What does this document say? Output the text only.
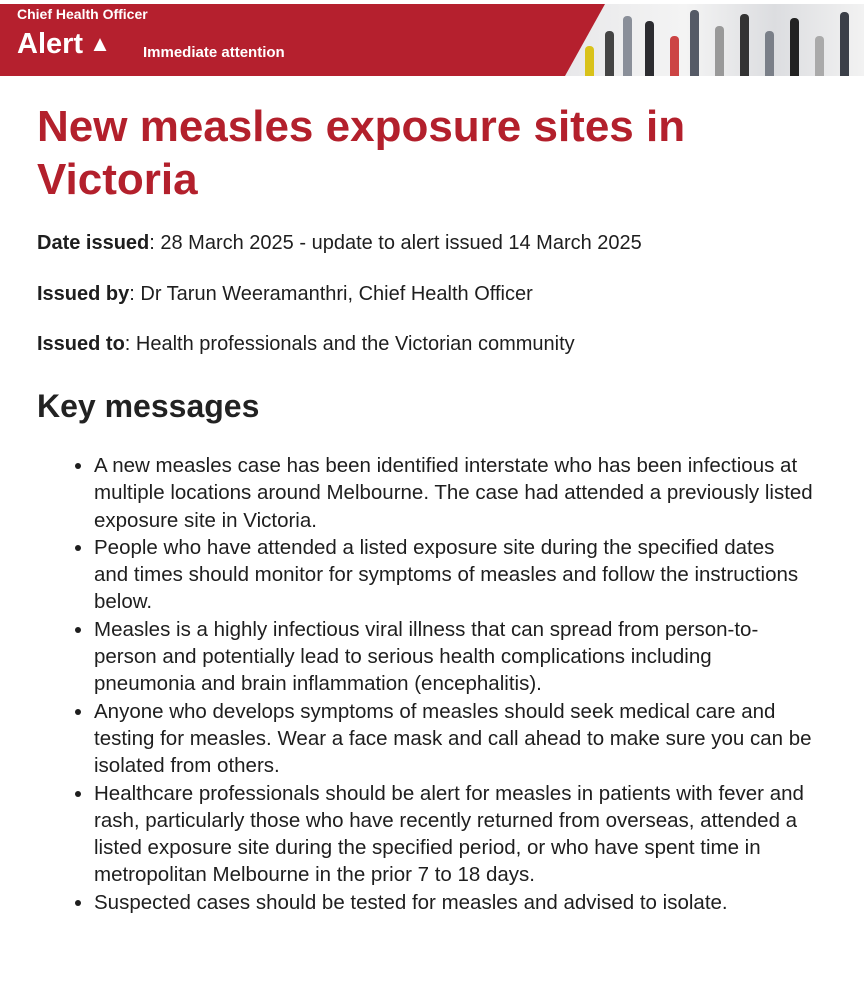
Chief Health Officer
Alert ▲ Immediate attention
New measles exposure sites in Victoria

Date issued: 28 March 2025 - update to alert issued 14 March 2025

Issued by: Dr Tarun Weeramanthri, Chief Health Officer

Issued to: Health professionals and the Victorian community

Key messages
• A new measles case has been identified interstate who has been infectious at multiple locations around Melbourne. The case had attended a previously listed exposure site in Victoria.
• People who have attended a listed exposure site during the specified dates and times should monitor for symptoms of measles and follow the instructions below.
• Measles is a highly infectious viral illness that can spread from person-to-person and potentially lead to serious health complications including pneumonia and brain inflammation (encephalitis).
• Anyone who develops symptoms of measles should seek medical care and testing for measles. Wear a face mask and call ahead to make sure you can be isolated from others.
• Healthcare professionals should be alert for measles in patients with fever and rash, particularly those who have recently returned from overseas, attended a listed exposure site during the specified period, or who have spent time in metropolitan Melbourne in the prior 7 to 18 days.
• Suspected cases should be tested for measles and advised to isolate.
